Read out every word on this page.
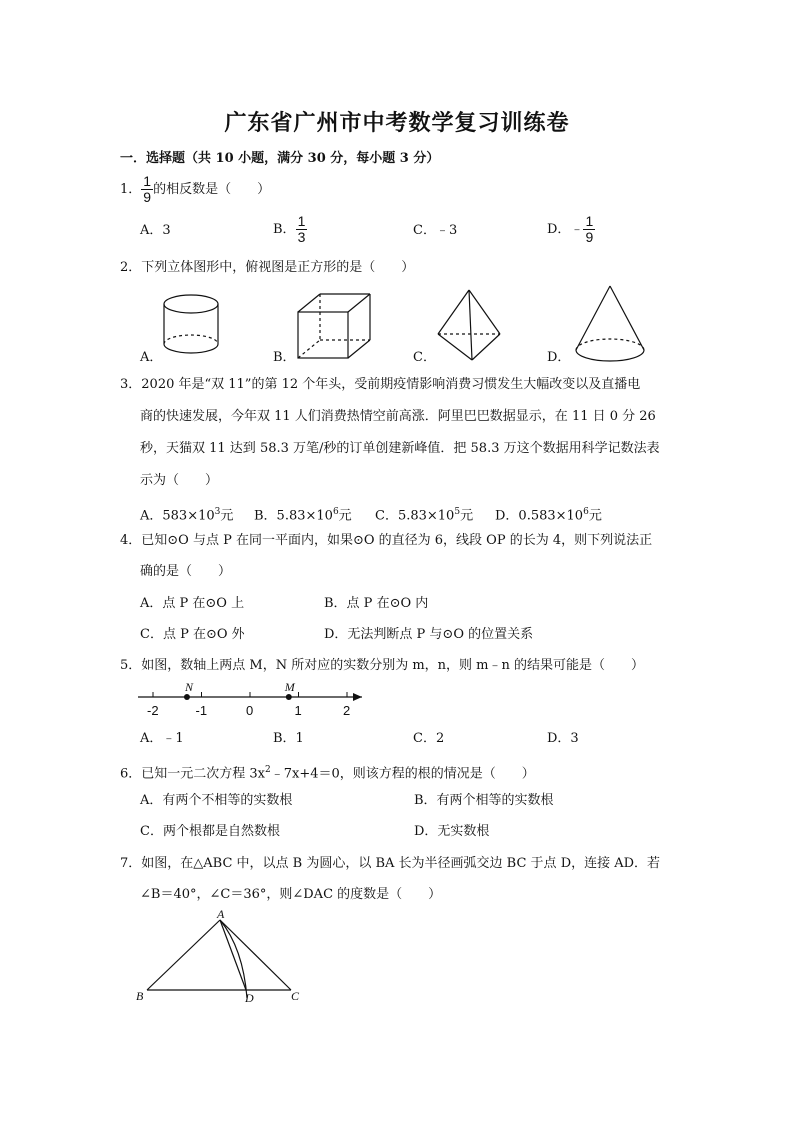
广东省广州市中考数学复习训练卷
一．选择题（共 10 小题，满分 30 分，每小题 3 分）
1． $\frac{1}{9}$ 的相反数是（　　）
A．3	B． $\frac{1}{3}$	C．﹣3	D．﹣ $\frac{1}{9}$
2．下列立体图形中，俯视图是正方形的是（　　）
A．	B．	C．	D．
3．2020 年是“双 11”的第 12 个年头，受前期疫情影响消费习惯发生大幅改变以及直播电
商的快速发展，今年双 11 人们消费热情空前高涨．阿里巴巴数据显示，在 11 日 0 分 26
秒，天猫双 11 达到 58.3 万笔/秒的订单创建新峰值．把 58.3 万这个数据用科学记数法表
示为（　　）
A．$583\times 10^3$元 B．$5.83\times 10^6$元 C．$5.83\times 10^5$元 D．$0.583\times 10^6$元
4．已知⊙O 与点 P 在同一平面内，如果⊙O 的直径为 6，线段 OP 的长为 4，则下列说法正
确的是（　　）
A．点 P 在⊙O 上	B．点 P 在⊙O 内
C．点 P 在⊙O 外	D．无法判断点 P 与⊙O 的位置关系
5．如图，数轴上两点 M，N 所对应的实数分别为 m，n，则 m﹣n 的结果可能是（　　）
-2	-1	0	1	2
N	M
A．﹣1	B．1	C．2	D．3
6．已知一元二次方程 $3x^2﹣7x+4=0$，则该方程的根的情况是（　　）
A．有两个不相等的实数根	B．有两个相等的实数根
C．两个根都是自然数根	D．无实数根
7．如图，在△ABC 中，以点 B 为圆心，以 BA 长为半径画弧交边 BC 于点 D，连接 AD．若
∠B＝40°，∠C＝36°，则∠DAC 的度数是（　　）
A
B	D	C
